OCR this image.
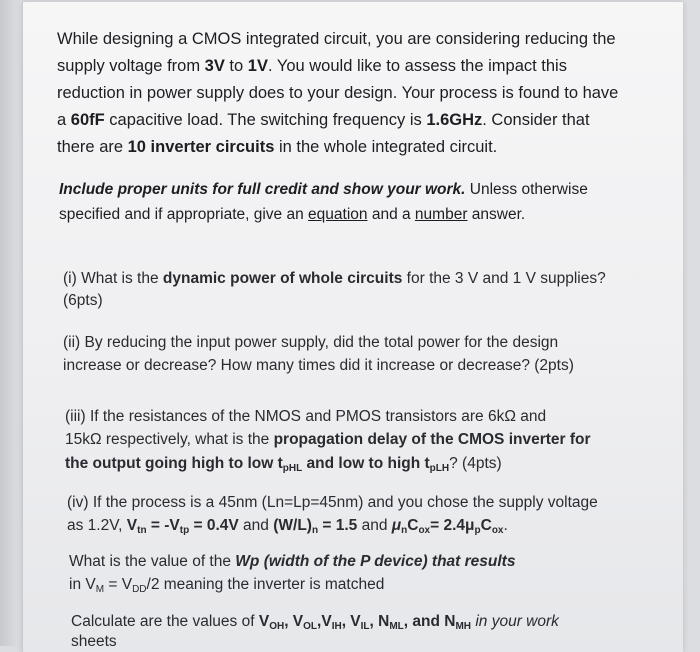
While designing a CMOS integrated circuit, you are considering reducing the

supply voltage from 3V to 1V. You would like to assess the impact this

reduction in power supply does to your design. Your process is found to have

a 60fF capacitive load. The switching frequency is 1.6GHz. Consider that

there are 10 inverter circuits in the whole integrated circuit.

Include proper units for full credit and show your work. Unless otherwise

specified and if appropriate, give an equation and a number answer.

(i) What is the dynamic power of whole circuits for the 3 V and 1 V supplies?

(6pts)

(ii) By reducing the input power supply, did the total power for the design

increase or decrease? How many times did it increase or decrease? (2pts)

(iii) If the resistances of the NMOS and PMOS transistors are 6kΩ and

15kΩ respectively, what is the propagation delay of the CMOS inverter for

the output going high to low $t_{pHL}$ and low to high $t_{pLH}$? (4pts)

(iv) If the process is a 45nm (Ln=Lp=45nm) and you chose the supply voltage

as 1.2V, $V_{tn} = -V_{tp} = 0.4V$ and $(W/L)_n = 1.5$ and $\mu_nC_{ox}= 2.4\mu_pC_{ox}$.

What is the value of the Wp (width of the P device) that results

in $V_M = V_{DD}/2$ meaning the inverter is matched

Calculate are the values of $V_{OH}$, $V_{OL},V_{IH}$, $V_{IL}$, $N_{ML}$, and $N_{MH}$ in your work

sheets
